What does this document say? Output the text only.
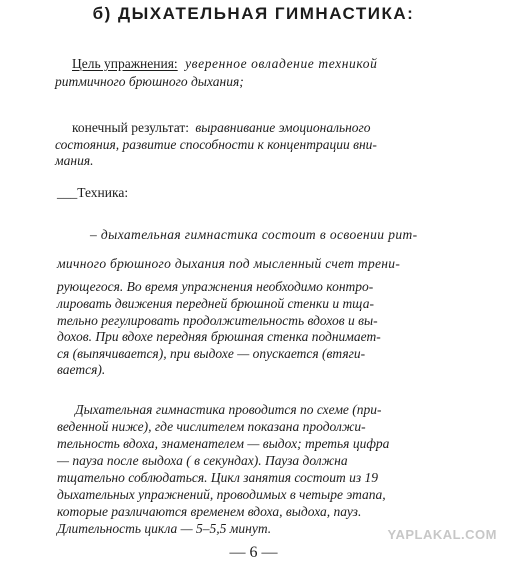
б) ДЫХАТЕЛЬНАЯ ГИМНАСТИКА:
Цель упражнения: уверенное овладение техникой
ритмичного брюшного дыхания;
конечный результат: выравнивание эмоционального
состояния, развитие способности к концентрации вни-
мания.
___Техника:
– дыхательная гимнастика состоит в освоении рит-
мичного брюшного дыхания под мысленный счет трени-
рующегося. Во время упражнения необходимо контро-
лировать движения передней брюшной стенки и тща-
тельно регулировать продолжительность вдохов и вы-
дохов. При вдохе передняя брюшная стенка поднимает-
ся (выпячивается), при выдохе — опускается (втяги-
вается).
Дыхательная гимнастика проводится по схеме (при-
веденной ниже), где числителем показана продолжи-
тельность вдоха, знаменателем — выдох; третья цифра
— пауза после выдоха ( в секундах). Пауза должна
тщательно соблюдаться. Цикл занятия состоит из 19
дыхательных упражнений, проводимых в четыре этапа,
которые различаются временем вдоха, выдоха, пауз.
Длительность цикла — 5–5,5 минут.	YAPLAKAL.COM
— 6 —
